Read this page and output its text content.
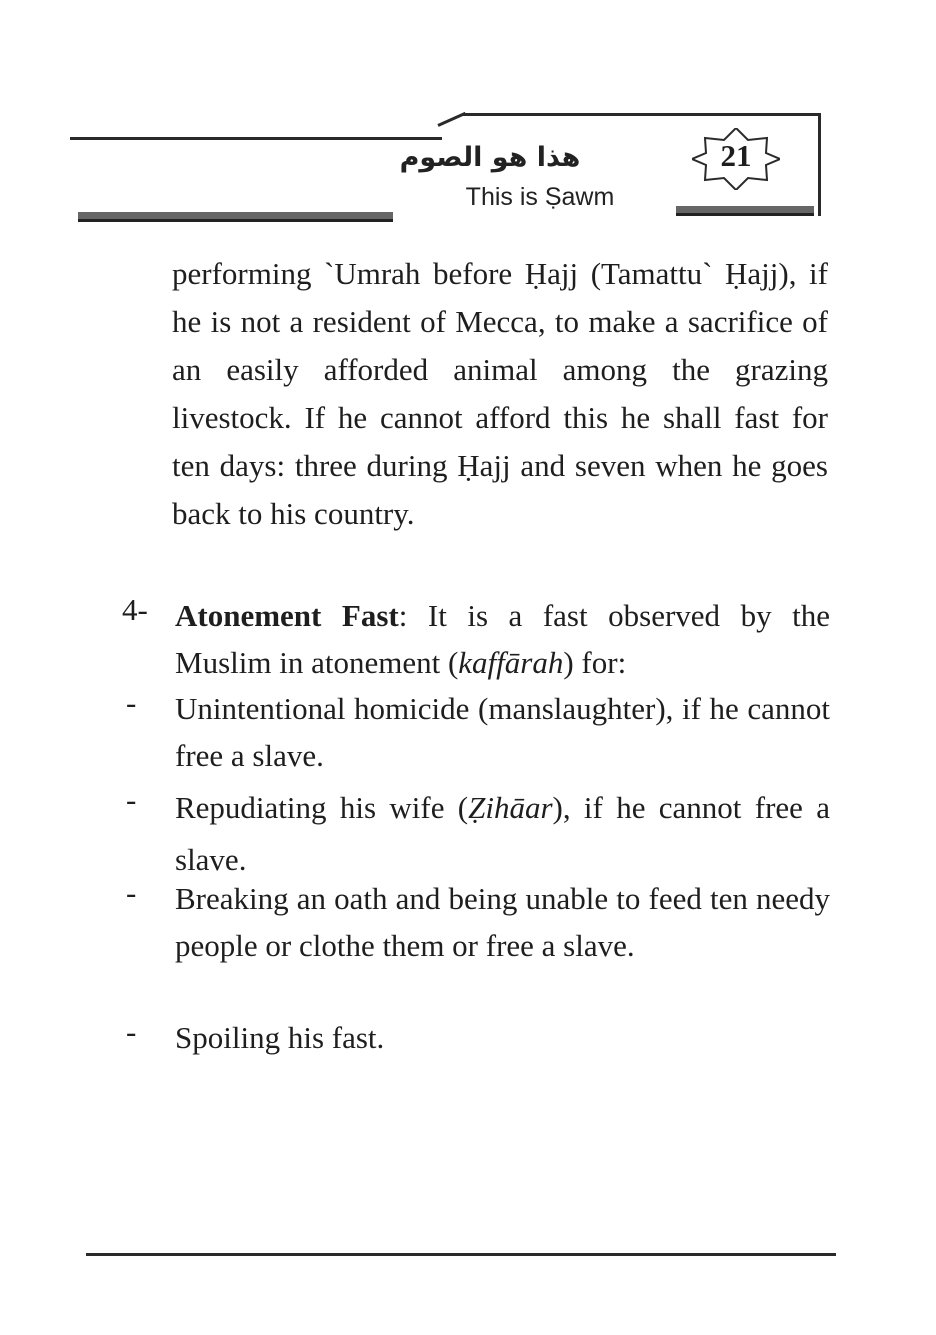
هذا هو الصوم
This is Ṣawm
21
performing `Umrah before Ḥajj (Tamattu` Ḥajj), if he is not a resident of Mecca, to make a sacrifice of an easily afforded animal among the grazing livestock. If he cannot afford this he shall fast for ten days: three during Ḥajj and seven when he goes back to his country.
4- Atonement Fast: It is a fast observed by the Muslim in atonement (kaffārah) for:
- Unintentional homicide (manslaughter), if he cannot free a slave.
- Repudiating his wife (Ẓihāar), if he cannot free a slave.
- Breaking an oath and being unable to feed ten needy people or clothe them or free a slave.
- Spoiling his fast.
